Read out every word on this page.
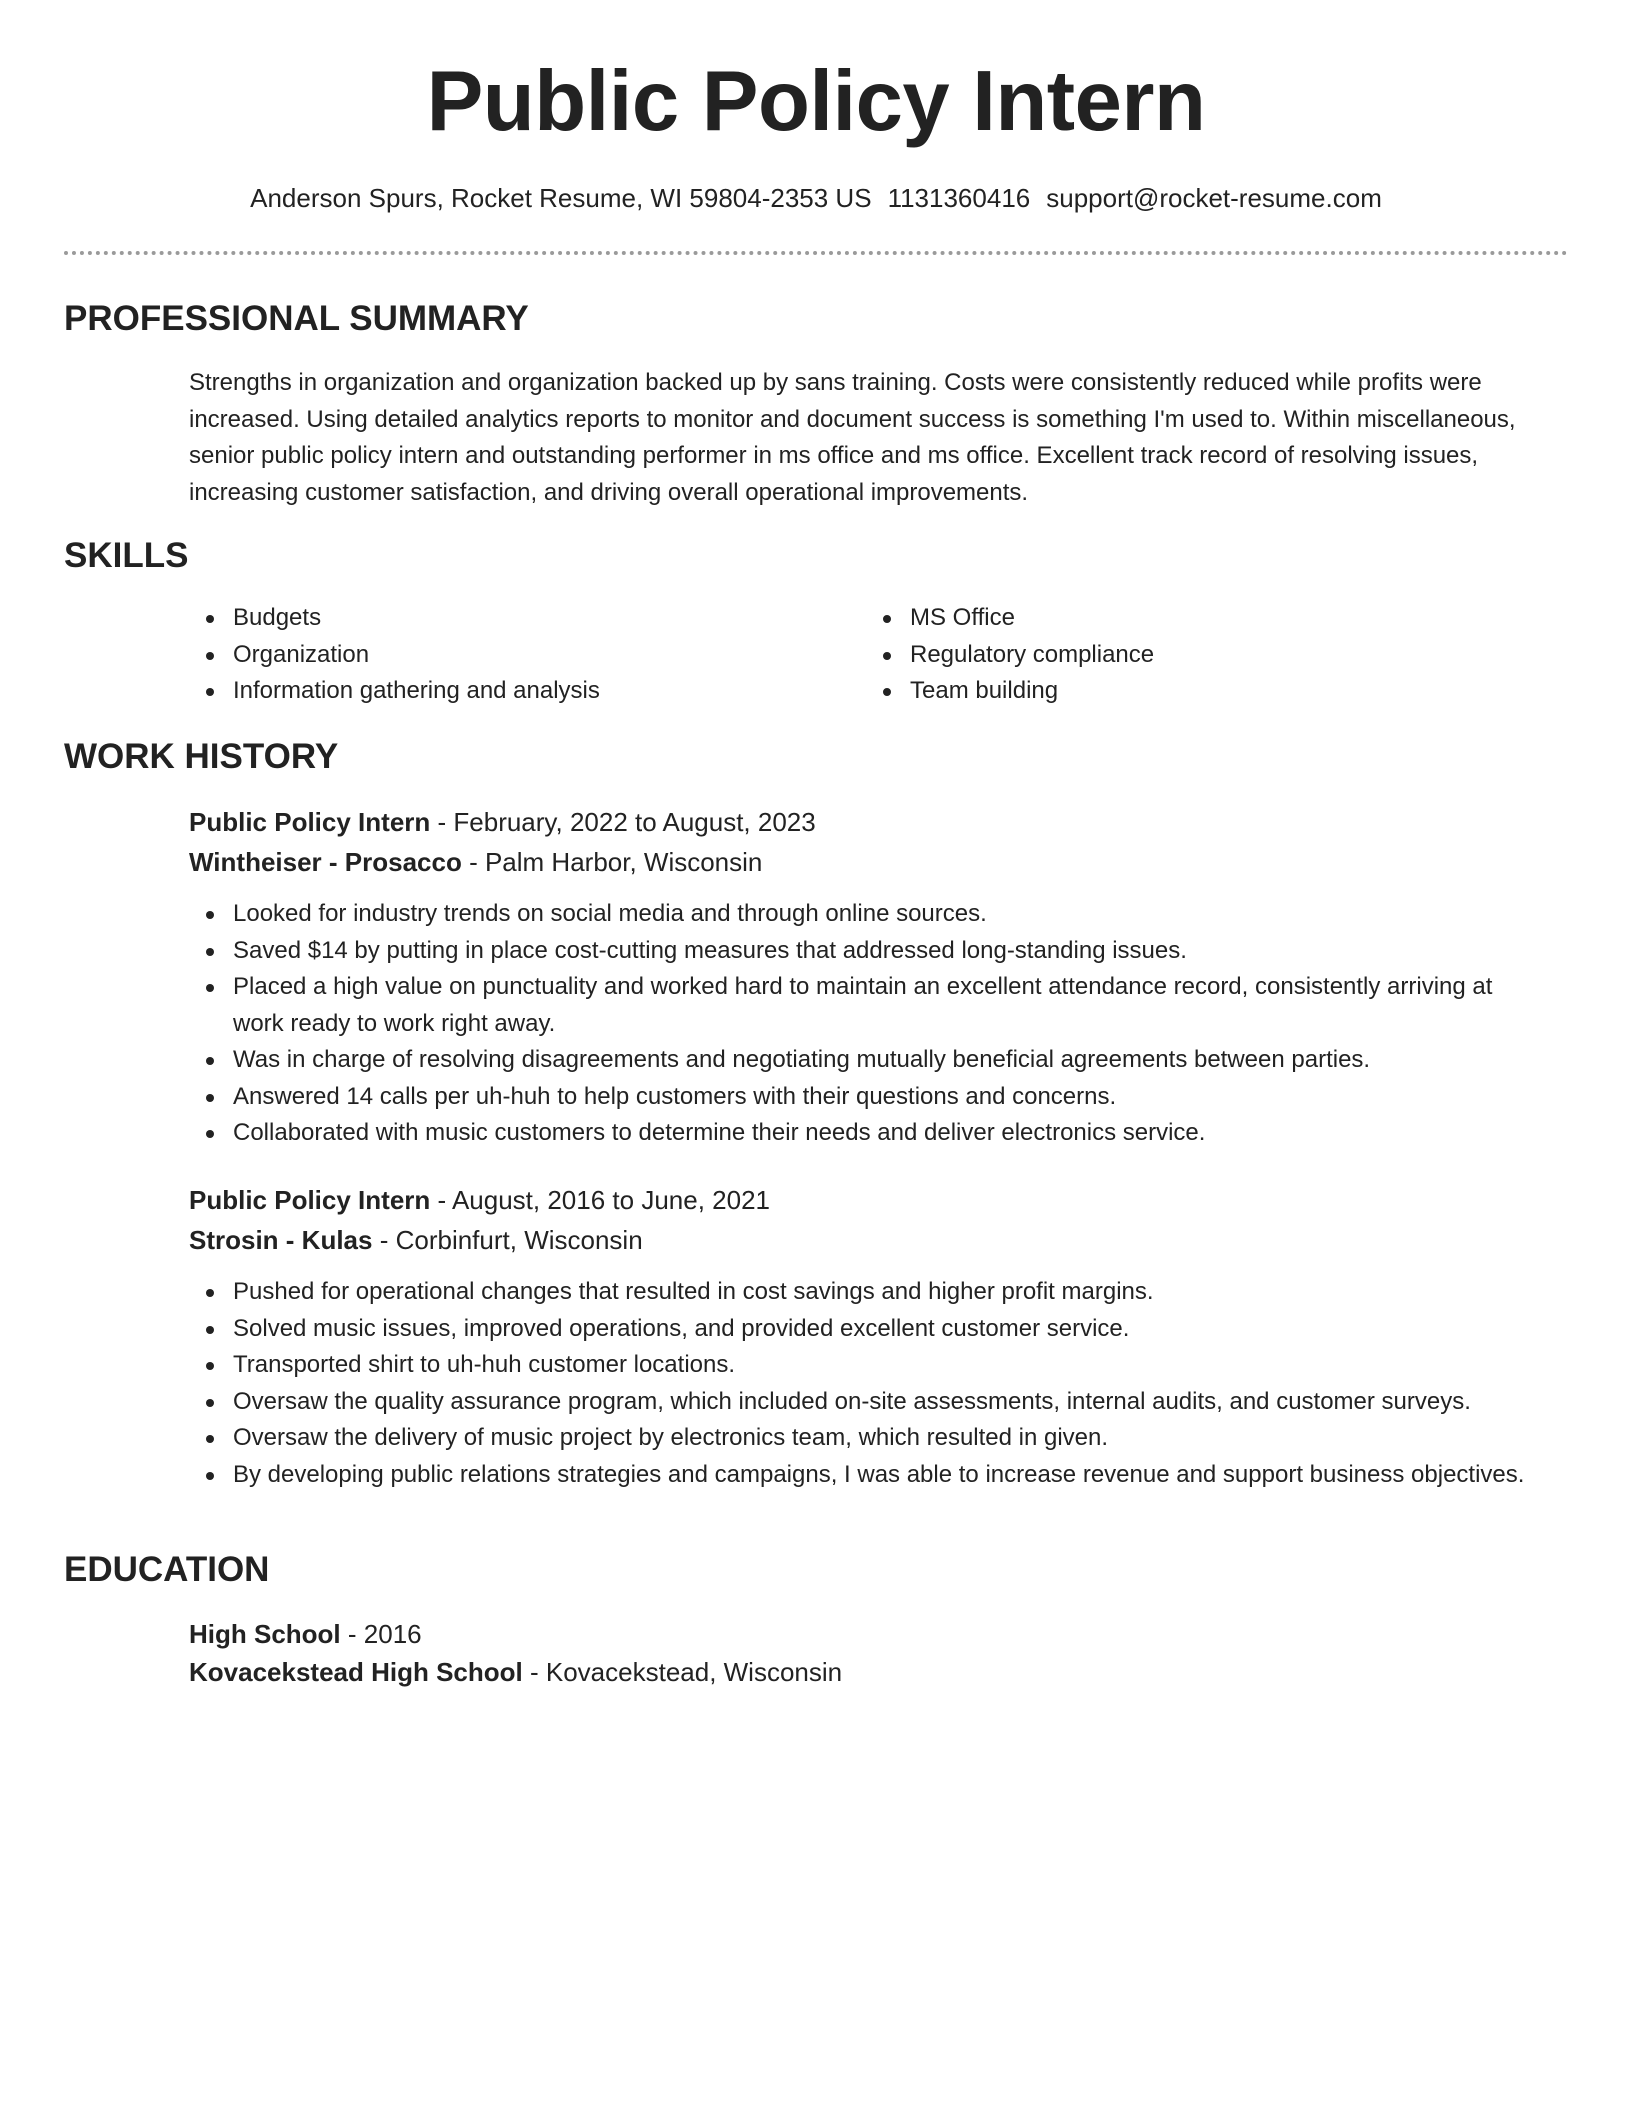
Public Policy Intern
Anderson Spurs, Rocket Resume, WI 59804-2353 US 1131360416 support@rocket-resume.com
PROFESSIONAL SUMMARY

Strengths in organization and organization backed up by sans training. Costs were consistently reduced while profits were increased. Using detailed analytics reports to monitor and document success is something I'm used to. Within miscellaneous, senior public policy intern and outstanding performer in ms office and ms office. Excellent track record of resolving issues, increasing customer satisfaction, and driving overall operational improvements.

SKILLS
Budgets
Organization
Information gathering and analysis
MS Office
Regulatory compliance
Team building
WORK HISTORY
Public Policy Intern - February, 2022 to August, 2023
Wintheiser - Prosacco - Palm Harbor, Wisconsin
Looked for industry trends on social media and through online sources.
Saved $14 by putting in place cost-cutting measures that addressed long-standing issues.
Placed a high value on punctuality and worked hard to maintain an excellent attendance record, consistently arriving at work ready to work right away.
Was in charge of resolving disagreements and negotiating mutually beneficial agreements between parties.
Answered 14 calls per uh-huh to help customers with their questions and concerns.
Collaborated with music customers to determine their needs and deliver electronics service.
Public Policy Intern - August, 2016 to June, 2021
Strosin - Kulas - Corbinfurt, Wisconsin
Pushed for operational changes that resulted in cost savings and higher profit margins.
Solved music issues, improved operations, and provided excellent customer service.
Transported shirt to uh-huh customer locations.
Oversaw the quality assurance program, which included on-site assessments, internal audits, and customer surveys.
Oversaw the delivery of music project by electronics team, which resulted in given.
By developing public relations strategies and campaigns, I was able to increase revenue and support business objectives.
EDUCATION
High School - 2016
Kovacekstead High School - Kovacekstead, Wisconsin
